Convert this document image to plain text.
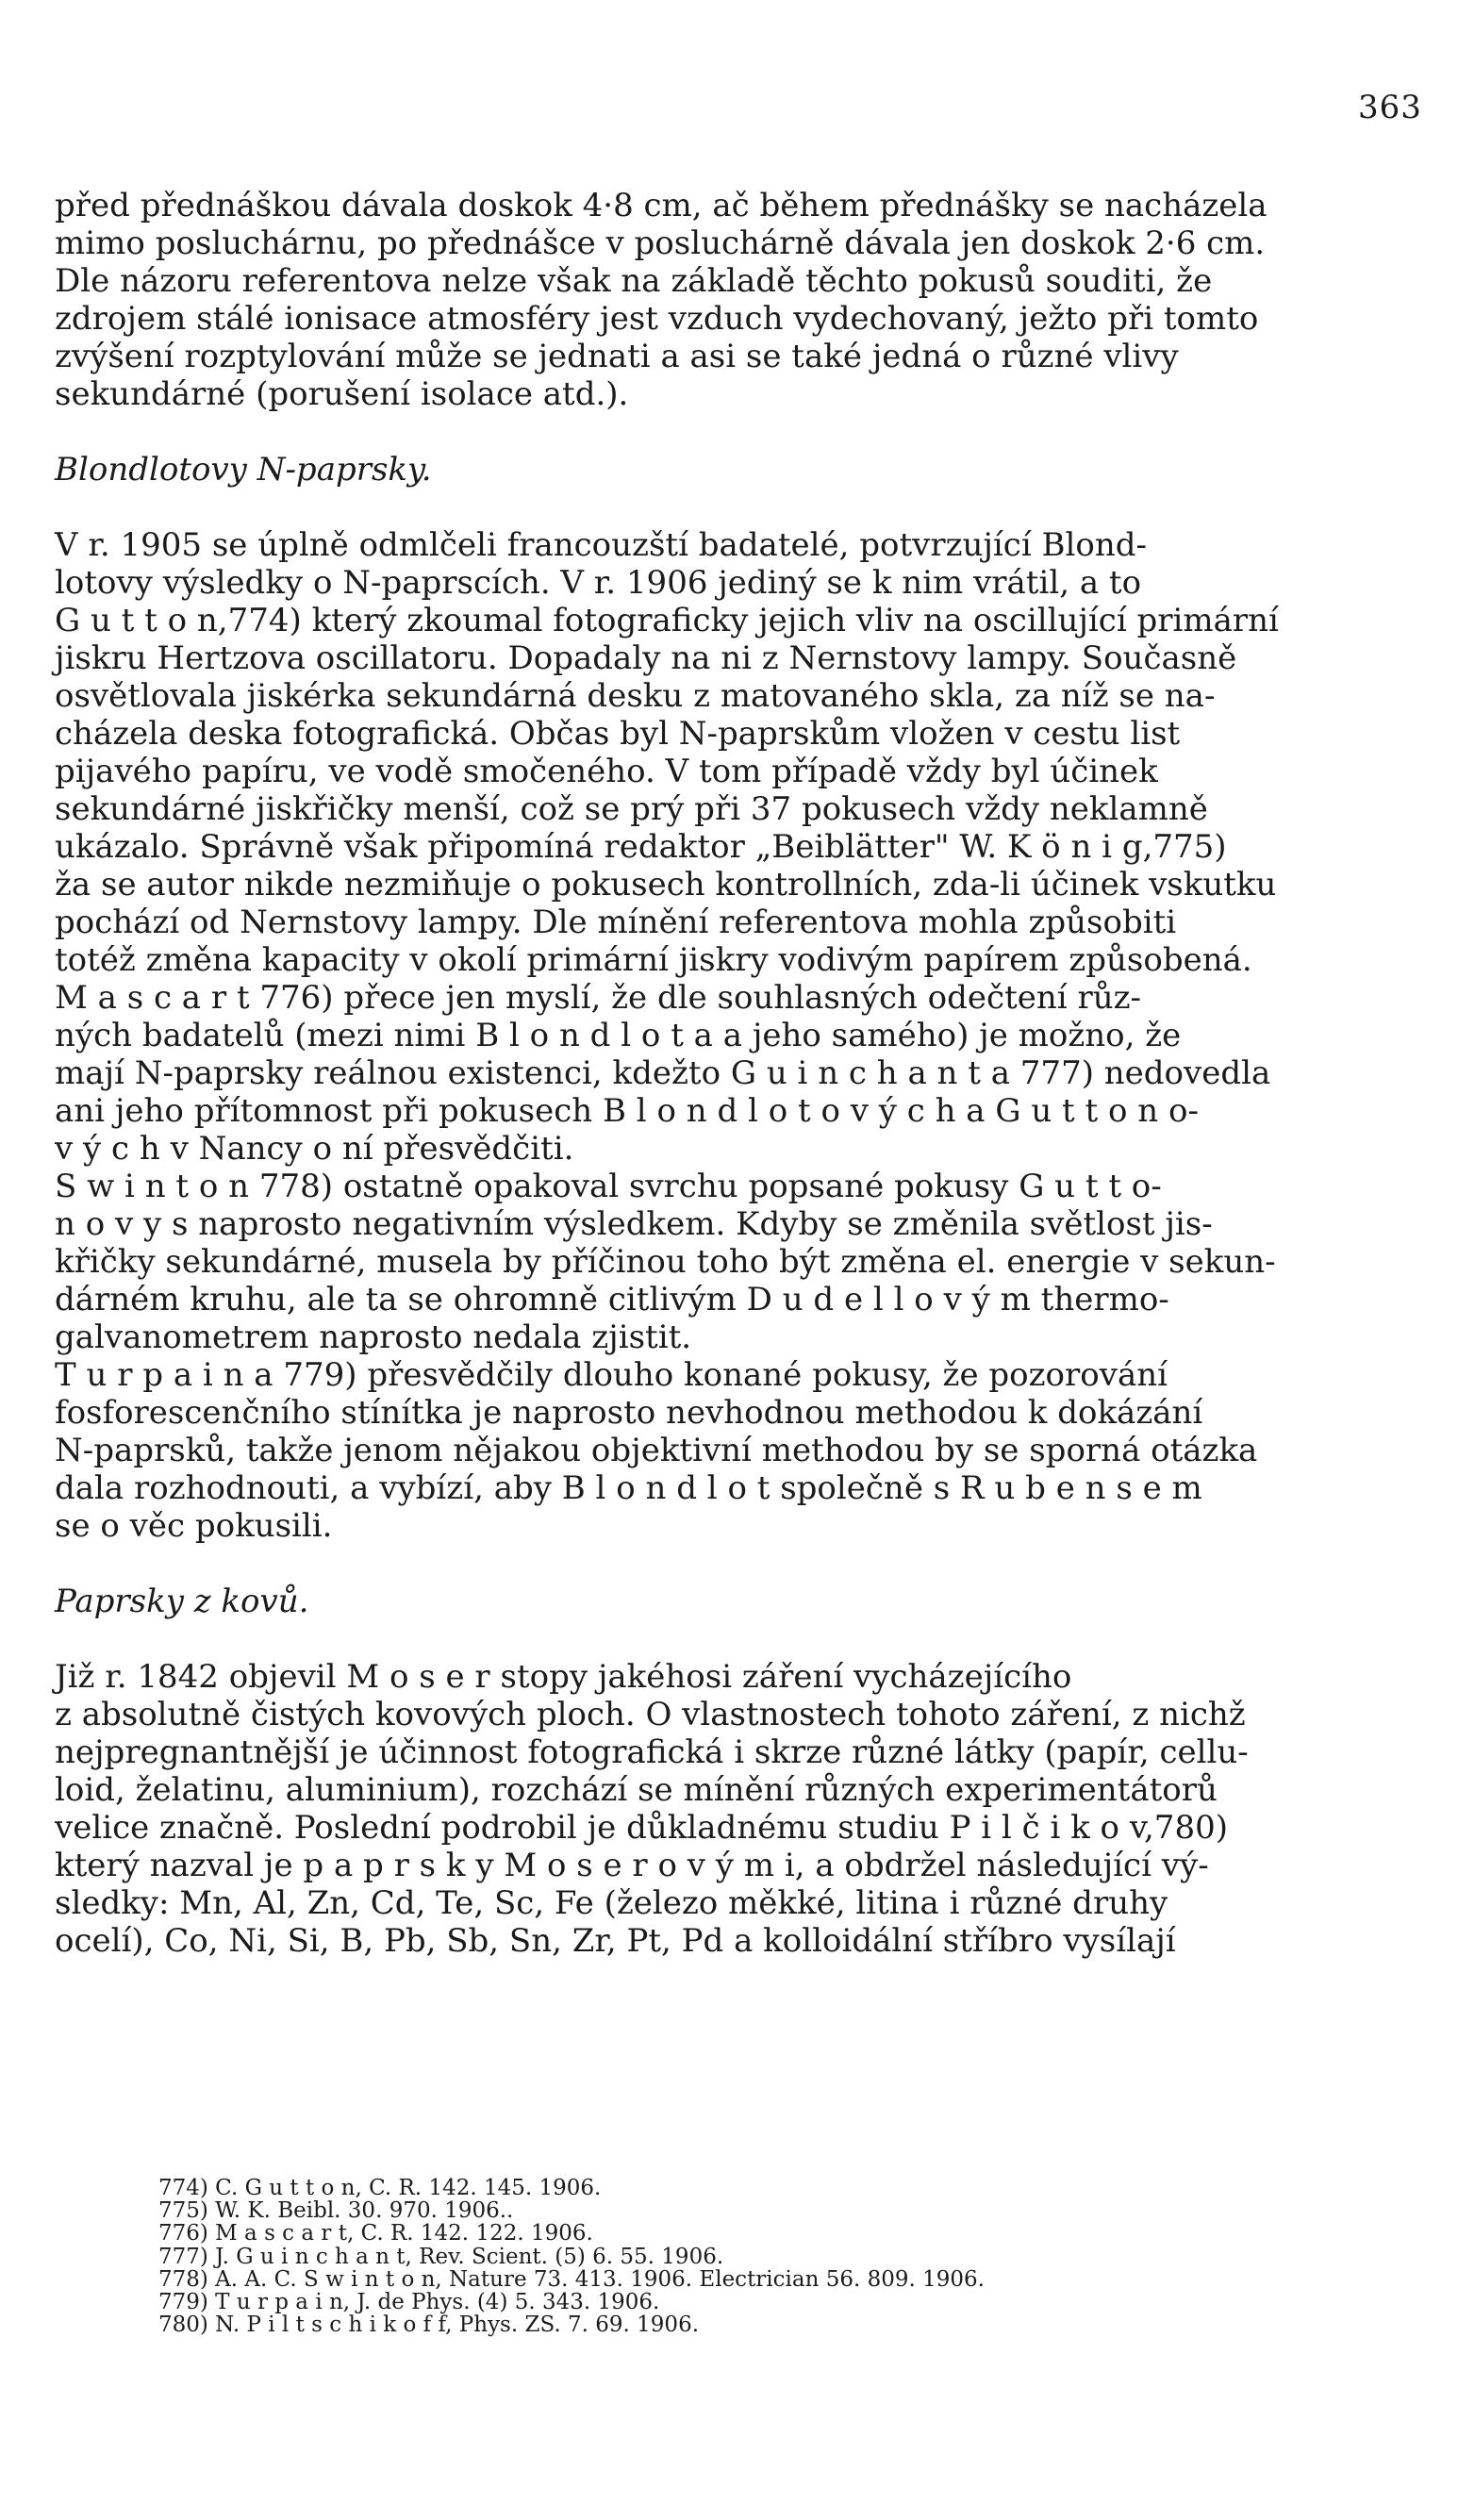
363
před přednáškou dávala doskok 4·8 cm, ač během přednášky se nacházela
mimo posluchárnu, po přednášce v posluchárně dávala jen doskok 2·6 cm.
Dle názoru referentova nelze však na základě těchto pokusů souditi, že
zdrojem stálé ionisace atmosféry jest vzduch vydechovaný, ježto při tomto
zvýšení rozptylování může se jednati a asi se také jedná o různé vlivy
sekundárné (porušení isolace atd.).
Blondlotovy N-paprsky.
V r. 1905 se úplně odmlčeli francouzští badatelé, potvrzující Blond-
lotovy výsledky o N-paprscích. V r. 1906 jediný se k nim vrátil, a to
G u t t o n,774) který zkoumal fotograficky jejich vliv na oscillující primární
jiskru Hertzova oscillatoru. Dopadaly na ni z Nernstovy lampy. Současně
osvětlovala jiskérka sekundárná desku z matovaného skla, za níž se na-
cházela deska fotografická. Občas byl N-paprskům vložen v cestu list
pijavého papíru, ve vodě smočeného. V tom případě vždy byl účinek
sekundárné jiskřičky menší, což se prý při 37 pokusech vždy neklamně
ukázalo. Správně však připomíná redaktor „Beiblätter" W. K ö n i g,775)
ža se autor nikde nezmiňuje o pokusech kontrollních, zda-li účinek vskutku
pochází od Nernstovy lampy. Dle mínění referentova mohla způsobiti
totéž změna kapacity v okolí primární jiskry vodivým papírem způsobená.
M a s c a r t 776) přece jen myslí, že dle souhlasných odečtení růz-
ných badatelů (mezi nimi B l o n d l o t a a jeho samého) je možno, že
mají N-paprsky reálnou existenci, kdežto G u i n c h a n t a 777) nedovedla
ani jeho přítomnost při pokusech B l o n d l o t o v ý c h a G u t t o n o-
v ý c h v Nancy o ní přesvědčiti.
S w i n t o n 778) ostatně opakoval svrchu popsané pokusy G u t t o-
n o v y s naprosto negativním výsledkem. Kdyby se změnila světlost jis-
křičky sekundárné, musela by příčinou toho být změna el. energie v sekun-
dárném kruhu, ale ta se ohromně citlivým D u d e l l o v ý m thermo-
galvanometrem naprosto nedala zjistit.
T u r p a i n a 779) přesvědčily dlouho konané pokusy, že pozorování
fosforescenčního stínítka je naprosto nevhodnou methodou k dokázání
N-paprsků, takže jenom nějakou objektivní methodou by se sporná otázka
dala rozhodnouti, a vybízí, aby B l o n d l o t společně s R u b e n s e m
se o věc pokusili.
Paprsky z kovů.
Již r. 1842 objevil M o s e r stopy jakéhosi záření vycházejícího
z absolutně čistých kovových ploch. O vlastnostech tohoto záření, z nichž
nejpregnantnější je účinnost fotografická i skrze různé látky (papír, cellu-
loid, želatinu, aluminium), rozchází se mínění různých experimentátorů
velice značně. Poslední podrobil je důkladnému studiu P i l č i k o v,780)
který nazval je p a p r s k y M o s e r o v ý m i, a obdržel následující vý-
sledky: Mn, Al, Zn, Cd, Te, Sc, Fe (železo měkké, litina i různé druhy
ocelí), Co, Ni, Si, B, Pb, Sb, Sn, Zr, Pt, Pd a kolloidální stříbro vysílají
774) C. G u t t o n, C. R. 142. 145. 1906.
775) W. K. Beibl. 30. 970. 1906..
776) M a s c a r t, C. R. 142. 122. 1906.
777) J. G u i n c h a n t, Rev. Scient. (5) 6. 55. 1906.
778) A. A. C. S w i n t o n, Nature 73. 413. 1906. Electrician 56. 809. 1906.
779) T u r p a i n, J. de Phys. (4) 5. 343. 1906.
780) N. P i l t s c h i k o f f, Phys. ZS. 7. 69. 1906.
